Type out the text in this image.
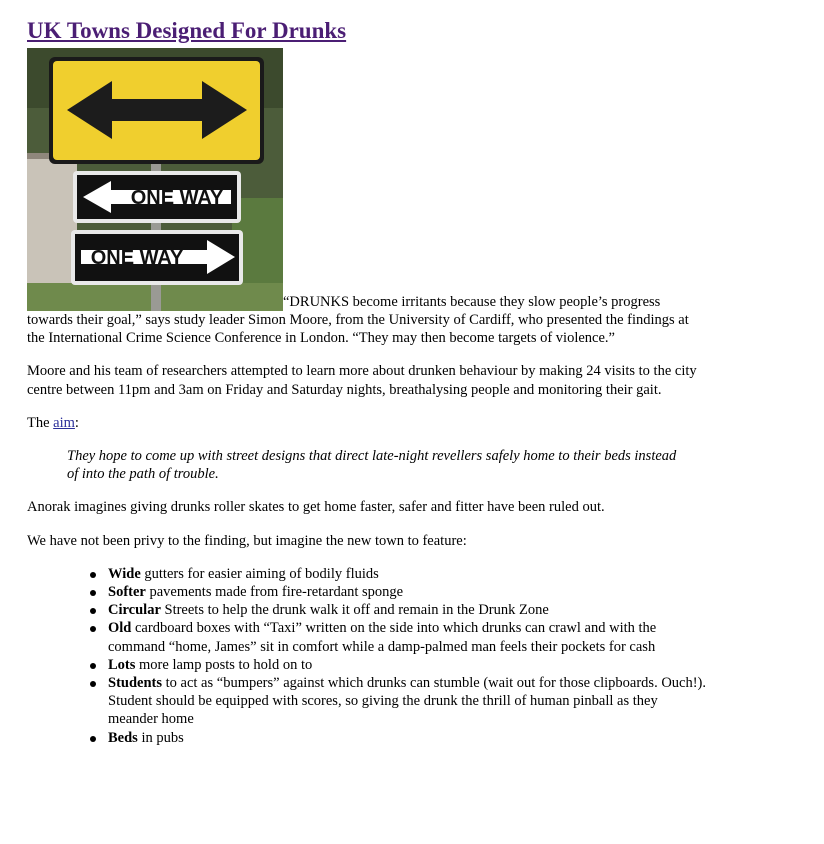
UK Towns Designed For Drunks
ONE WAY
ONE WAY
“DRUNKS become irritants because they slow people’s progress towards their goal,” says study leader Simon Moore, from the University of Cardiff, who presented the findings at the International Crime Science Conference in London. “They may then become targets of violence.”

Moore and his team of researchers attempted to learn more about drunken behaviour by making 24 visits to the city centre between 11pm and 3am on Friday and Saturday nights, breathalysing people and monitoring their gait.

The aim:

They hope to come up with street designs that direct late-night revellers safely home to their beds instead of into the path of trouble.

Anorak imagines giving drunks roller skates to get home faster, safer and fitter have been ruled out.

We have not been privy to the finding, but imagine the new town to feature:

Wide gutters for easier aiming of bodily fluids
Softer pavements made from fire-retardant sponge
Circular Streets to help the drunk walk it off and remain in the Drunk Zone
Old cardboard boxes with “Taxi” written on the side into which drunks can crawl and with the command “home, James” sit in comfort while a damp-palmed man feels their pockets for cash
Lots more lamp posts to hold on to
Students to act as “bumpers” against which drunks can stumble (wait out for those clipboards. Ouch!). Student should be equipped with scores, so giving the drunk the thrill of human pinball as they meander home
Beds in pubs
